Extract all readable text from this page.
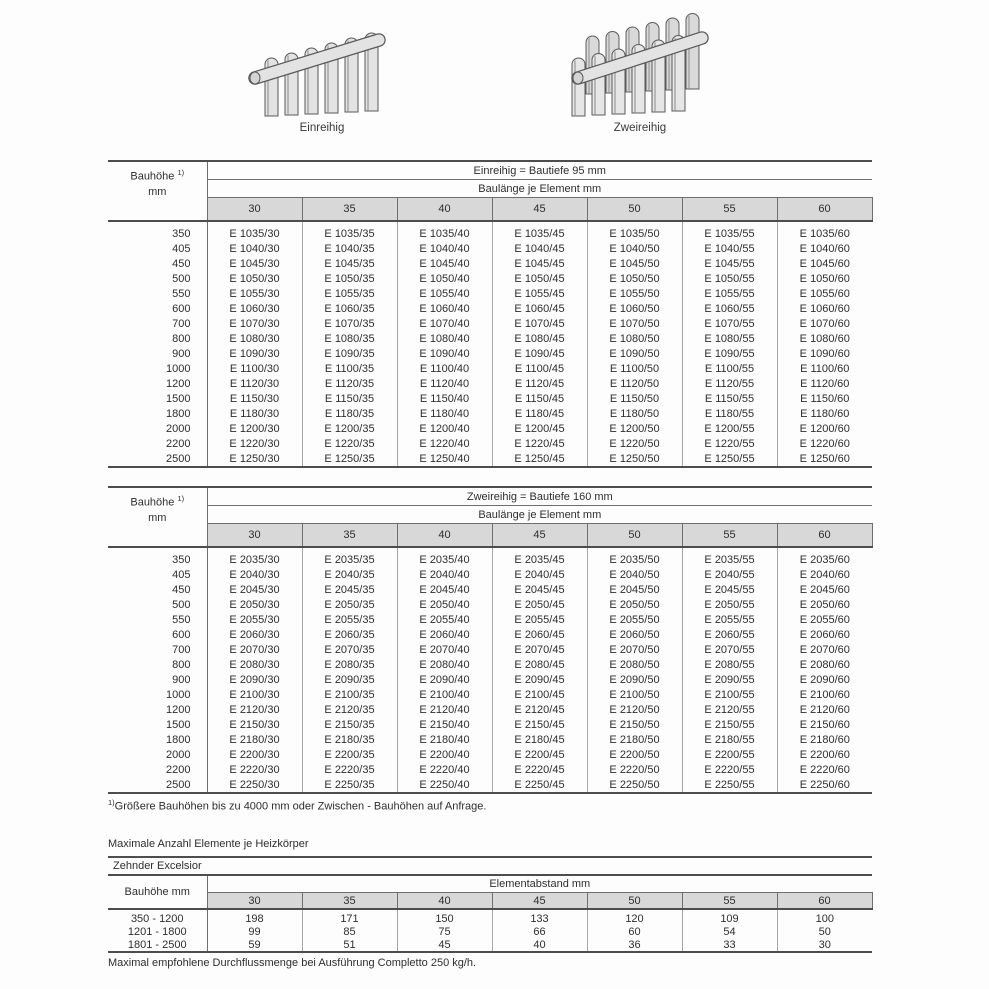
Einreihig	Zweireihig
Bauhöhe $^{1)}$
mm	Einreihig = Bautiefe 95 mm						
	Baulänge je Element mm						
	30	35	40	45	50	55	60
350	E 1035/30	E 1035/35	E 1035/40	E 1035/45	E 1035/50	E 1035/55	E 1035/60
405	E 1040/30	E 1040/35	E 1040/40	E 1040/45	E 1040/50	E 1040/55	E 1040/60
450	E 1045/30	E 1045/35	E 1045/40	E 1045/45	E 1045/50	E 1045/55	E 1045/60
500	E 1050/30	E 1050/35	E 1050/40	E 1050/45	E 1050/50	E 1050/55	E 1050/60
550	E 1055/30	E 1055/35	E 1055/40	E 1055/45	E 1055/50	E 1055/55	E 1055/60
600	E 1060/30	E 1060/35	E 1060/40	E 1060/45	E 1060/50	E 1060/55	E 1060/60
700	E 1070/30	E 1070/35	E 1070/40	E 1070/45	E 1070/50	E 1070/55	E 1070/60
800	E 1080/30	E 1080/35	E 1080/40	E 1080/45	E 1080/50	E 1080/55	E 1080/60
900	E 1090/30	E 1090/35	E 1090/40	E 1090/45	E 1090/50	E 1090/55	E 1090/60
1000	E 1100/30	E 1100/35	E 1100/40	E 1100/45	E 1100/50	E 1100/55	E 1100/60
1200	E 1120/30	E 1120/35	E 1120/40	E 1120/45	E 1120/50	E 1120/55	E 1120/60
1500	E 1150/30	E 1150/35	E 1150/40	E 1150/45	E 1150/50	E 1150/55	E 1150/60
1800	E 1180/30	E 1180/35	E 1180/40	E 1180/45	E 1180/50	E 1180/55	E 1180/60
2000	E 1200/30	E 1200/35	E 1200/40	E 1200/45	E 1200/50	E 1200/55	E 1200/60
2200	E 1220/30	E 1220/35	E 1220/40	E 1220/45	E 1220/50	E 1220/55	E 1220/60
2500	E 1250/30	E 1250/35	E 1250/40	E 1250/45	E 1250/50	E 1250/55	E 1250/60
Bauhöhe $^{1)}$
mm	Zweireihig = Bautiefe 160 mm						
	Baulänge je Element mm						
	30	35	40	45	50	55	60
350	E 2035/30	E 2035/35	E 2035/40	E 2035/45	E 2035/50	E 2035/55	E 2035/60
405	E 2040/30	E 2040/35	E 2040/40	E 2040/45	E 2040/50	E 2040/55	E 2040/60
450	E 2045/30	E 2045/35	E 2045/40	E 2045/45	E 2045/50	E 2045/55	E 2045/60
500	E 2050/30	E 2050/35	E 2050/40	E 2050/45	E 2050/50	E 2050/55	E 2050/60
550	E 2055/30	E 2055/35	E 2055/40	E 2055/45	E 2055/50	E 2055/55	E 2055/60
600	E 2060/30	E 2060/35	E 2060/40	E 2060/45	E 2060/50	E 2060/55	E 2060/60
700	E 2070/30	E 2070/35	E 2070/40	E 2070/45	E 2070/50	E 2070/55	E 2070/60
800	E 2080/30	E 2080/35	E 2080/40	E 2080/45	E 2080/50	E 2080/55	E 2080/60
900	E 2090/30	E 2090/35	E 2090/40	E 2090/45	E 2090/50	E 2090/55	E 2090/60
1000	E 2100/30	E 2100/35	E 2100/40	E 2100/45	E 2100/50	E 2100/55	E 2100/60
1200	E 2120/30	E 2120/35	E 2120/40	E 2120/45	E 2120/50	E 2120/55	E 2120/60
1500	E 2150/30	E 2150/35	E 2150/40	E 2150/45	E 2150/50	E 2150/55	E 2150/60
1800	E 2180/30	E 2180/35	E 2180/40	E 2180/45	E 2180/50	E 2180/55	E 2180/60
2000	E 2200/30	E 2200/35	E 2200/40	E 2200/45	E 2200/50	E 2200/55	E 2200/60
2200	E 2220/30	E 2220/35	E 2220/40	E 2220/45	E 2220/50	E 2220/55	E 2220/60
2500	E 2250/30	E 2250/35	E 2250/40	E 2250/45	E 2250/50	E 2250/55	E 2250/60
$^{1)}$Größere Bauhöhen bis zu 4000 mm oder Zwischen - Bauhöhen auf Anfrage.
Maximale Anzahl Elemente je Heizkörper
Zehnder Excelsior							
Bauhöhe mm	Elementabstand mm						
	30	35	40	45	50	55	60
350 - 1200	198	171	150	133	120	109	100
1201 - 1800	99	85	75	66	60	54	50
1801 - 2500	59	51	45	40	36	33	30
Maximal empfohlene Durchflussmenge bei Ausführung Completto 250 kg/h.
